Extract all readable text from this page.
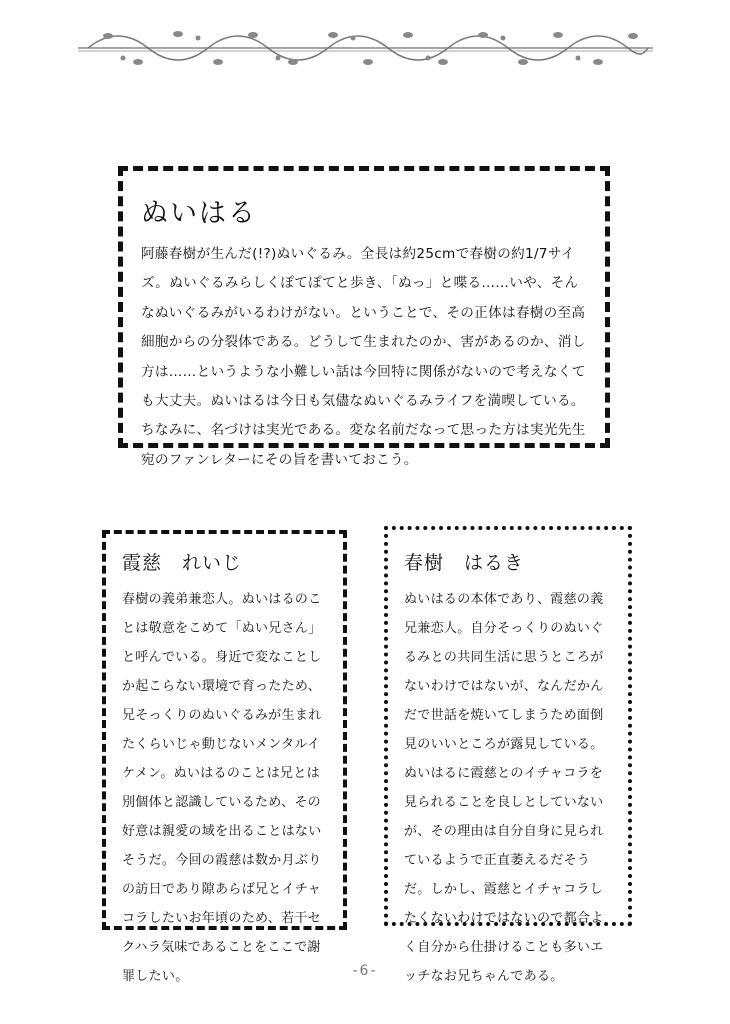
ぬいはる

阿藤春樹が生んだ(!?)ぬいぐるみ。全長は約25cmで春樹の約1/7サイズ。ぬいぐるみらしくぽてぽてと歩き、「ぬっ」と喋る……いや、そんなぬいぐるみがいるわけがない。ということで、その正体は春樹の至高細胞からの分裂体である。どうして生まれたのか、害があるのか、消し方は……というような小難しい話は今回特に関係がないので考えなくても大丈夫。ぬいはるは今日も気儘なぬいぐるみライフを満喫している。ちなみに、名づけは実光である。変な名前だなって思った方は実光先生宛のファンレターにその旨を書いておこう。

霞慈　れいじ

春樹の義弟兼恋人。ぬいはるのことは敬意をこめて「ぬい兄さん」と呼んでいる。身近で変なことしか起こらない環境で育ったため、兄そっくりのぬいぐるみが生まれたくらいじゃ動じないメンタルイケメン。ぬいはるのことは兄とは別個体と認識しているため、その好意は親愛の域を出ることはないそうだ。今回の霞慈は数か月ぶりの訪日であり隙あらば兄とイチャコラしたいお年頃のため、若干セクハラ気味であることをここで謝罪したい。

春樹　はるき

ぬいはるの本体であり、霞慈の義兄兼恋人。自分そっくりのぬいぐるみとの共同生活に思うところがないわけではないが、なんだかんだで世話を焼いてしまうため面倒見のいいところが露見している。ぬいはるに霞慈とのイチャコラを見られることを良しとしていないが、その理由は自分自身に見られているようで正直萎えるだそうだ。しかし、霞慈とイチャコラしたくないわけではないので都合よく自分から仕掛けることも多いエッチなお兄ちゃんである。

-6-
